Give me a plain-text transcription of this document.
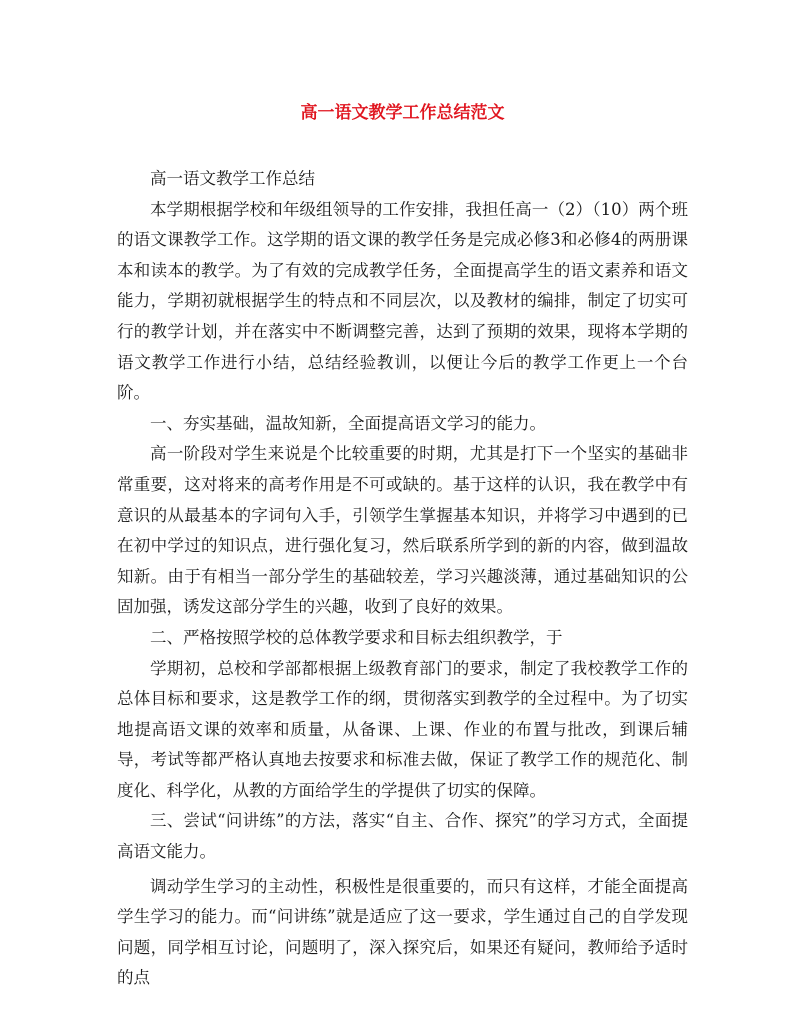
高一语文教学工作总结范文

高一语文教学工作总结

本学期根据学校和年级组领导的工作安排，我担任高一（2）（10）两个班的语文课教学工作。这学期的语文课的教学任务是完成必修3和必修4的两册课本和读本的教学。为了有效的完成教学任务，全面提高学生的语文素养和语文能力，学期初就根据学生的特点和不同层次，以及教材的编排，制定了切实可行的教学计划，并在落实中不断调整完善，达到了预期的效果，现将本学期的语文教学工作进行小结，总结经验教训，以便让今后的教学工作更上一个台阶。

一、夯实基础，温故知新，全面提高语文学习的能力。

高一阶段对学生来说是个比较重要的时期，尤其是打下一个坚实的基础非常重要，这对将来的高考作用是不可或缺的。基于这样的认识，我在教学中有意识的从最基本的字词句入手，引领学生掌握基本知识，并将学习中遇到的已在初中学过的知识点，进行强化复习，然后联系所学到的新的内容，做到温故知新。由于有相当一部分学生的基础较差，学习兴趣淡薄，通过基础知识的公固加强，诱发这部分学生的兴趣，收到了良好的效果。

二、严格按照学校的总体教学要求和目标去组织教学，于

学期初，总校和学部都根据上级教育部门的要求，制定了我校教学工作的总体目标和要求，这是教学工作的纲，贯彻落实到教学的全过程中。为了切实地提高语文课的效率和质量，从备课、上课、作业的布置与批改，到课后辅导，考试等都严格认真地去按要求和标准去做，保证了教学工作的规范化、制度化、科学化，从教的方面给学生的学提供了切实的保障。

三、尝试“问讲练”的方法，落实“自主、合作、探究”的学习方式，全面提高语文能力。

调动学生学习的主动性，积极性是很重要的，而只有这样，才能全面提高学生学习的能力。而“问讲练”就是适应了这一要求，学生通过自己的自学发现问题，同学相互讨论，问题明了，深入探究后，如果还有疑问，教师给予适时的点
